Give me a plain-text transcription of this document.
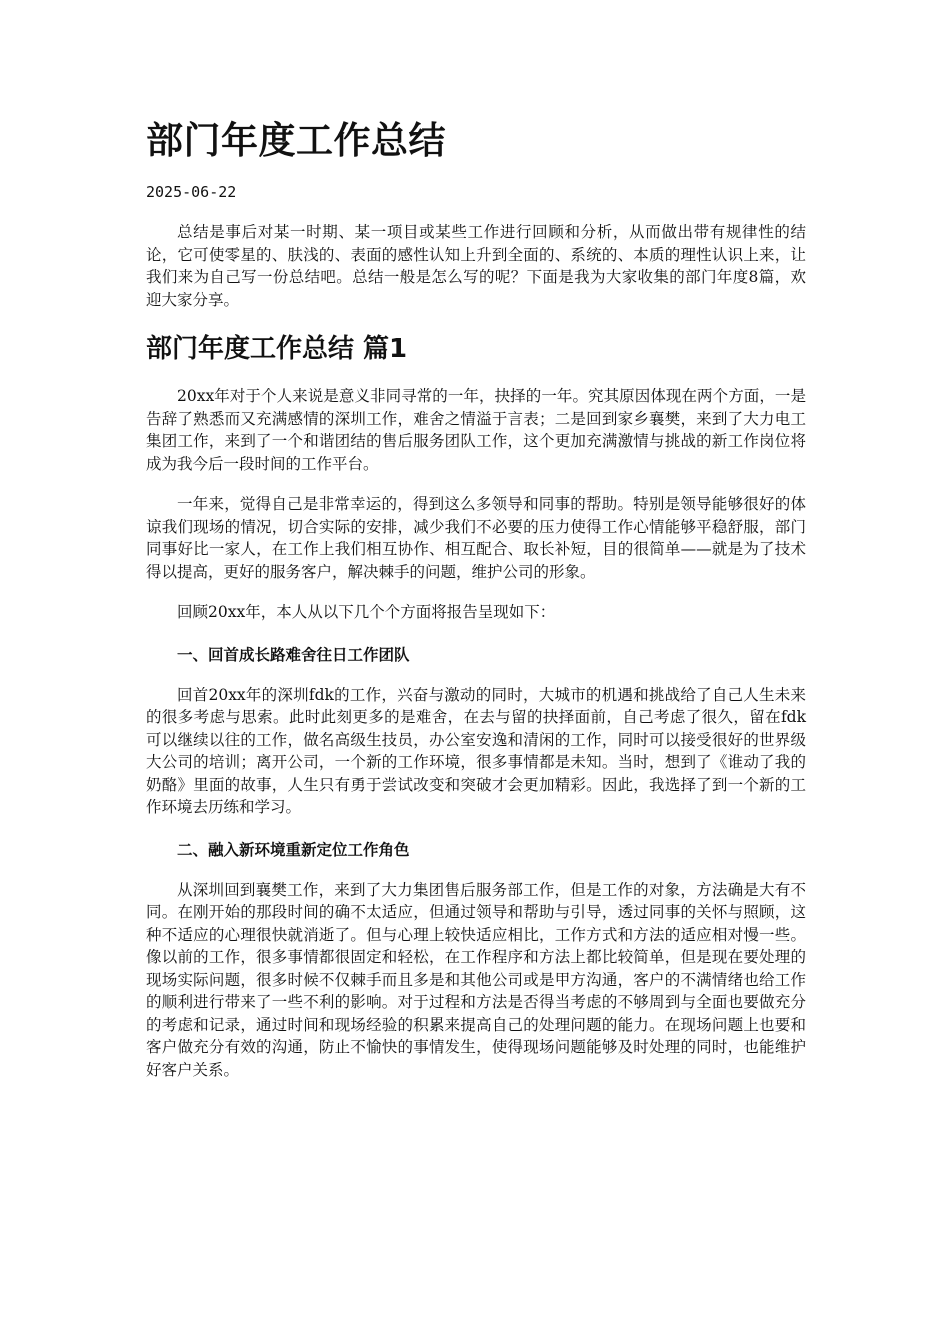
部门年度工作总结
2025-06-22

总结是事后对某一时期、某一项目或某些工作进行回顾和分析，从而做出带有规律性的结论，它可使零星的、肤浅的、表面的感性认知上升到全面的、系统的、本质的理性认识上来，让我们来为自己写一份总结吧。总结一般是怎么写的呢？下面是我为大家收集的部门年度8篇，欢迎大家分享。

部门年度工作总结 篇1

20xx年对于个人来说是意义非同寻常的一年，抉择的一年。究其原因体现在两个方面，一是告辞了熟悉而又充满感情的深圳工作，难舍之情溢于言表；二是回到家乡襄樊，来到了大力电工集团工作，来到了一个和谐团结的售后服务团队工作，这个更加充满激情与挑战的新工作岗位将成为我今后一段时间的工作平台。

一年来，觉得自己是非常幸运的，得到这么多领导和同事的帮助。特别是领导能够很好的体谅我们现场的情况，切合实际的安排，减少我们不必要的压力使得工作心情能够平稳舒服，部门同事好比一家人，在工作上我们相互协作、相互配合、取长补短，目的很简单——就是为了技术得以提高，更好的服务客户，解决棘手的问题，维护公司的形象。

回顾20xx年，本人从以下几个个方面将报告呈现如下：

一、回首成长路难舍往日工作团队

回首20xx年的深圳fdk的工作，兴奋与激动的同时，大城市的机遇和挑战给了自己人生未来的很多考虑与思索。此时此刻更多的是难舍，在去与留的抉择面前，自己考虑了很久，留在fdk可以继续以往的工作，做名高级生技员，办公室安逸和清闲的工作，同时可以接受很好的世界级大公司的培训；离开公司，一个新的工作环境，很多事情都是未知。当时，想到了《谁动了我的奶酪》里面的故事，人生只有勇于尝试改变和突破才会更加精彩。因此，我选择了到一个新的工作环境去历练和学习。

二、融入新环境重新定位工作角色

从深圳回到襄樊工作，来到了大力集团售后服务部工作，但是工作的对象，方法确是大有不同。在刚开始的那段时间的确不太适应，但通过领导和帮助与引导，透过同事的关怀与照顾，这种不适应的心理很快就消逝了。但与心理上较快适应相比，工作方式和方法的适应相对慢一些。像以前的工作，很多事情都很固定和轻松，在工作程序和方法上都比较简单，但是现在要处理的现场实际问题，很多时候不仅棘手而且多是和其他公司或是甲方沟通，客户的不满情绪也给工作的顺利进行带来了一些不利的影响。对于过程和方法是否得当考虑的不够周到与全面也要做充分的考虑和记录，通过时间和现场经验的积累来提高自己的处理问题的能力。在现场问题上也要和客户做充分有效的沟通，防止不愉快的事情发生，使得现场问题能够及时处理的同时，也能维护好客户关系。
